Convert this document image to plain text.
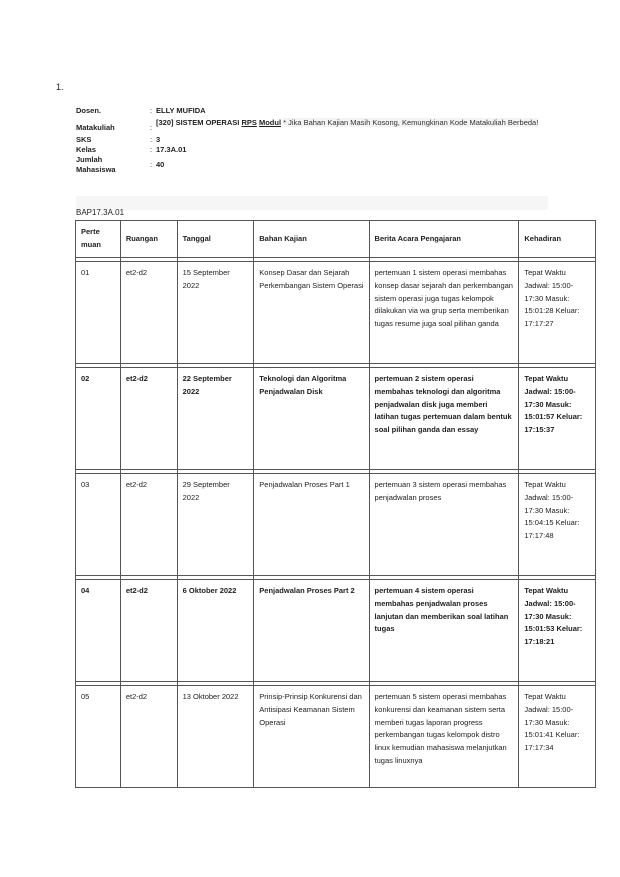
1.
Dosen.	: ELLY MUFIDA
Matakuliah	:
[320] SISTEM OPERASI RPS Modul * Jika Bahan Kajian Masih Kosong, Kemungkinan Kode Matakuliah Berbeda!
SKS	: 3
Kelas	: 17.3A.01
Jumlah Mahasiswa
: 40
BAP17.3A.01
Perte muan	Ruangan	Tanggal	Bahan Kajian	Berita Acara Pengajaran	Kehadiran

01	et2-d2	15 September 2022	Konsep Dasar dan Sejarah Perkembangan Sistem Operasi	pertemuan 1 sistem operasi membahas konsep dasar sejarah dan perkembangan sistem operasi juga tugas kelompok dilakukan via wa grup serta memberikan tugas resume juga soal pilihan ganda	Tepat Waktu Jadwal: 15:00-17:30 Masuk: 15:01:28 Keluar: 17:17:27

02	et2-d2	22 September 2022	Teknologi dan Algoritma Penjadwalan Disk	pertemuan 2 sistem operasi membahas teknologi dan algoritma penjadwalan disk juga memberi latihan tugas pertemuan dalam bentuk soal pilihan ganda dan essay	Tepat Waktu Jadwal: 15:00-17:30 Masuk: 15:01:57 Keluar: 17:15:37

03	et2-d2	29 September 2022	Penjadwalan Proses Part 1	pertemuan 3 sistem operasi membahas penjadwalan proses	Tepat Waktu Jadwal: 15:00-17:30 Masuk: 15:04:15 Keluar: 17:17:48

04	et2-d2	6 Oktober 2022	Penjadwalan Proses Part 2	pertemuan 4 sistem operasi membahas penjadwalan proses lanjutan dan memberikan soal latihan tugas	Tepat Waktu Jadwal: 15:00-17:30 Masuk: 15:01:53 Keluar: 17:18:21

05	et2-d2	13 Oktober 2022	Prinsip-Prinsip Konkurensi dan Antisipasi Keamanan Sistem Operasi	pertemuan 5 sistem operasi membahas konkurensi dan keamanan sistem serta memberi tugas laporan progress perkembangan tugas kelompok distro linux kemudian mahasiswa melanjutkan tugas linuxnya	Tepat Waktu Jadwal: 15:00-17:30 Masuk: 15:01:41 Keluar: 17:17:34
